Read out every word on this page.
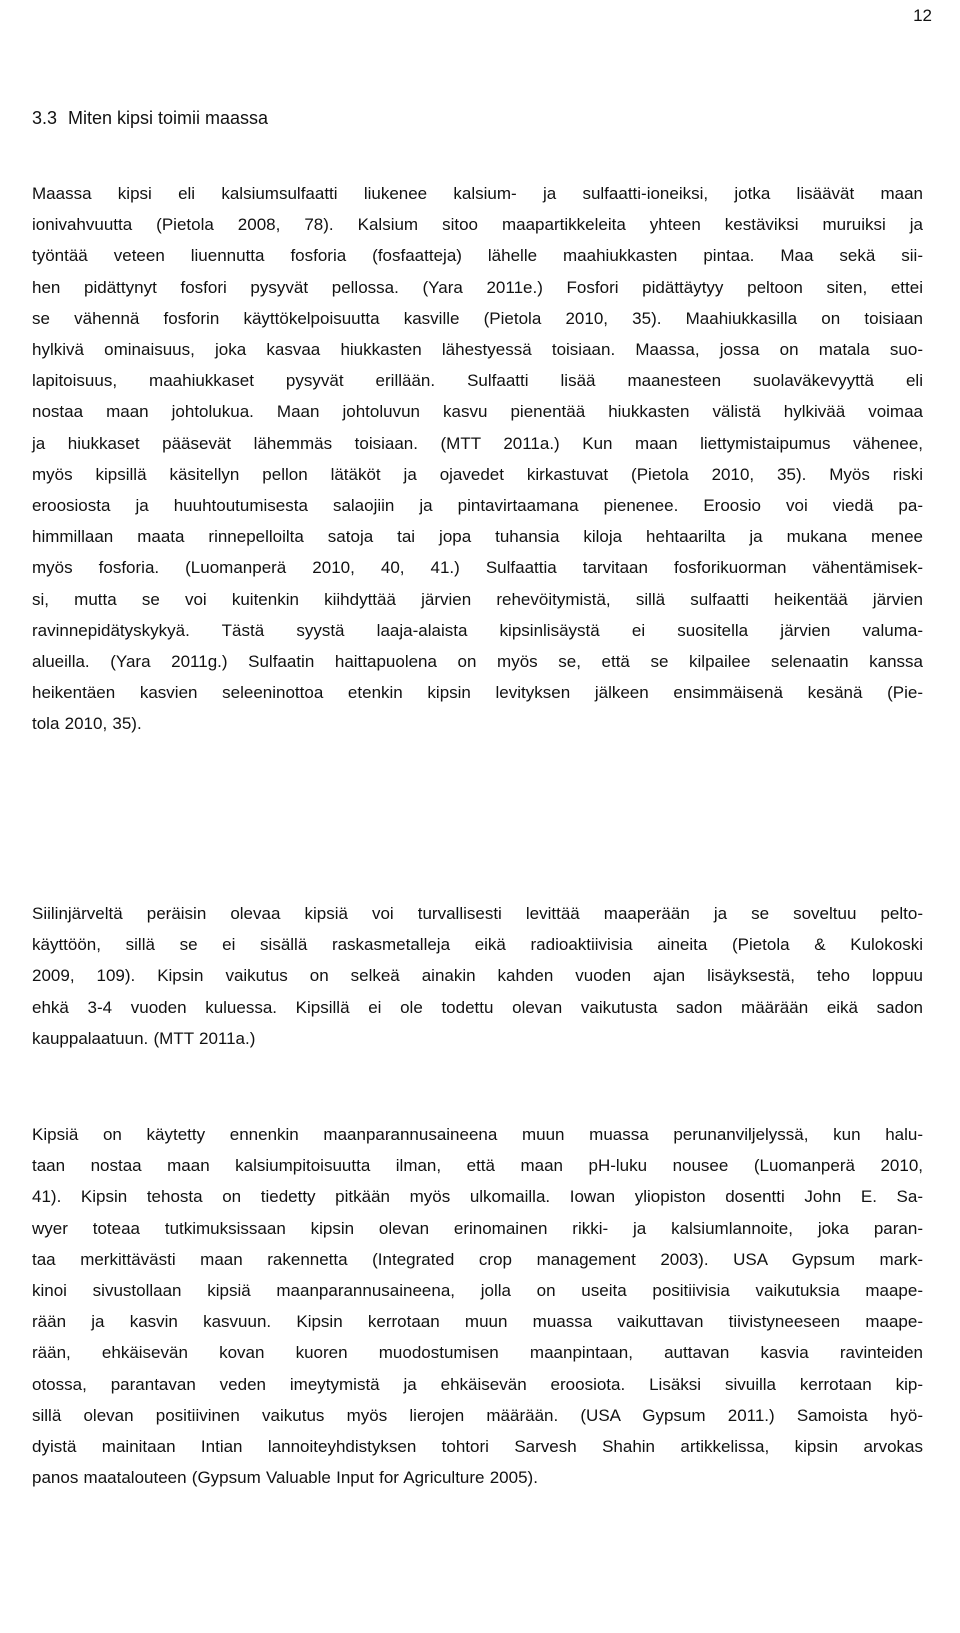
12
3.3 Miten kipsi toimii maassa
Maassa kipsi eli kalsiumsulfaatti liukenee kalsium- ja sulfaatti-ioneiksi, jotka lisäävät maan
ionivahvuutta (Pietola 2008, 78). Kalsium sitoo maapartikkeleita yhteen kestäviksi muruiksi ja
työntää veteen liuennutta fosforia (fosfaatteja) lähelle maahiukkasten pintaa. Maa sekä sii-
hen pidättynyt fosfori pysyvät pellossa. (Yara 2011e.) Fosfori pidättäytyy peltoon siten, ettei
se vähennä fosforin käyttökelpoisuutta kasville (Pietola 2010, 35). Maahiukkasilla on toisiaan
hylkivä ominaisuus, joka kasvaa hiukkasten lähestyessä toisiaan. Maassa, jossa on matala suo-
lapitoisuus, maahiukkaset pysyvät erillään. Sulfaatti lisää maanesteen suolaväkevyyttä eli
nostaa maan johtolukua. Maan johtoluvun kasvu pienentää hiukkasten välistä hylkivää voimaa
ja hiukkaset pääsevät lähemmäs toisiaan. (MTT 2011a.) Kun maan liettymistaipumus vähenee,
myös kipsillä käsitellyn pellon lätäköt ja ojavedet kirkastuvat (Pietola 2010, 35). Myös riski
eroosiosta ja huuhtoutumisesta salaojiin ja pintavirtaamana pienenee. Eroosio voi viedä pa-
himmillaan maata rinnepelloilta satoja tai jopa tuhansia kiloja hehtaarilta ja mukana menee
myös fosforia. (Luomanperä 2010, 40, 41.) Sulfaattia tarvitaan fosforikuorman vähentämisek-
si, mutta se voi kuitenkin kiihdyttää järvien rehevöitymistä, sillä sulfaatti heikentää järvien
ravinnepidätyskykyä. Tästä syystä laaja-alaista kipsinlisäystä ei suositella järvien valuma-
alueilla. (Yara 2011g.) Sulfaatin haittapuolena on myös se, että se kilpailee selenaatin kanssa
heikentäen kasvien seleeninottoa etenkin kipsin levityksen jälkeen ensimmäisenä kesänä (Pie-
tola 2010, 35).
Siilinjärveltä peräisin olevaa kipsiä voi turvallisesti levittää maaperään ja se soveltuu pelto-
käyttöön, sillä se ei sisällä raskasmetalleja eikä radioaktiivisia aineita (Pietola & Kulokoski
2009, 109). Kipsin vaikutus on selkeä ainakin kahden vuoden ajan lisäyksestä, teho loppuu
ehkä 3-4 vuoden kuluessa. Kipsillä ei ole todettu olevan vaikutusta sadon määrään eikä sadon
kauppalaatuun. (MTT 2011a.)
Kipsiä on käytetty ennenkin maanparannusaineena muun muassa perunanviljelyssä, kun halu-
taan nostaa maan kalsiumpitoisuutta ilman, että maan pH-luku nousee (Luomanperä 2010,
41). Kipsin tehosta on tiedetty pitkään myös ulkomailla. Iowan yliopiston dosentti John E. Sa-
wyer toteaa tutkimuksissaan kipsin olevan erinomainen rikki- ja kalsiumlannoite, joka paran-
taa merkittävästi maan rakennetta (Integrated crop management 2003). USA Gypsum mark-
kinoi sivustollaan kipsiä maanparannusaineena, jolla on useita positiivisia vaikutuksia maape-
rään ja kasvin kasvuun. Kipsin kerrotaan muun muassa vaikuttavan tiivistyneeseen maape-
rään, ehkäisevän kovan kuoren muodostumisen maanpintaan, auttavan kasvia ravinteiden
otossa, parantavan veden imeytymistä ja ehkäisevän eroosiota. Lisäksi sivuilla kerrotaan kip-
sillä olevan positiivinen vaikutus myös lierojen määrään. (USA Gypsum 2011.) Samoista hyö-
dyistä mainitaan Intian lannoiteyhdistyksen tohtori Sarvesh Shahin artikkelissa, kipsin arvokas
panos maatalouteen (Gypsum Valuable Input for Agriculture 2005).
